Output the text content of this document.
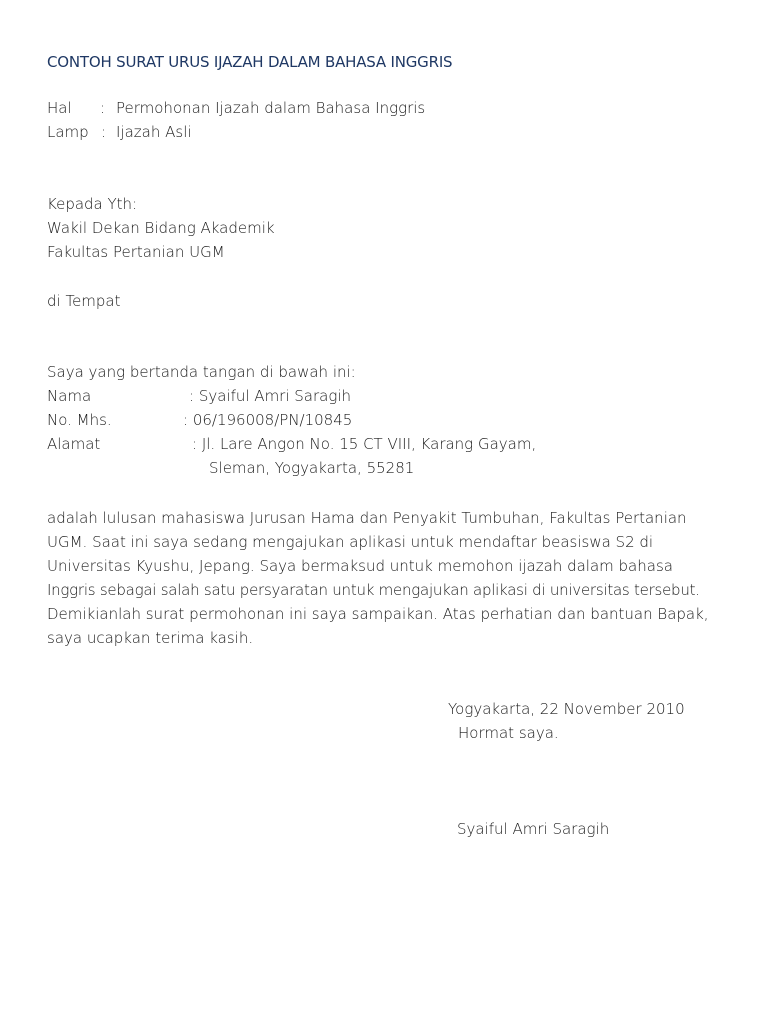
CONTOH SURAT URUS IJAZAH DALAM BAHASA INGGRIS
Hal : Permohonan Ijazah dalam Bahasa Inggris
Lamp : Ijazah Asli
Kepada Yth:
Wakil Dekan Bidang Akademik
Fakultas Pertanian UGM
di Tempat
Saya yang bertanda tangan di bawah ini:
Nama	: Syaiful Amri Saragih
No. Mhs.	: 06/196008/PN/10845
Alamat	: Jl. Lare Angon No. 15 CT VIII, Karang Gayam,
Sleman, Yogyakarta, 55281
adalah lulusan mahasiswa Jurusan Hama dan Penyakit Tumbuhan, Fakultas Pertanian
UGM. Saat ini saya sedang mengajukan aplikasi untuk mendaftar beasiswa S2 di
Universitas Kyushu, Jepang. Saya bermaksud untuk memohon ijazah dalam bahasa
Inggris sebagai salah satu persyaratan untuk mengajukan aplikasi di universitas tersebut.
Demikianlah surat permohonan ini saya sampaikan. Atas perhatian dan bantuan Bapak,
saya ucapkan terima kasih.
Yogyakarta, 22 November 2010
Hormat saya.
Syaiful Amri Saragih
